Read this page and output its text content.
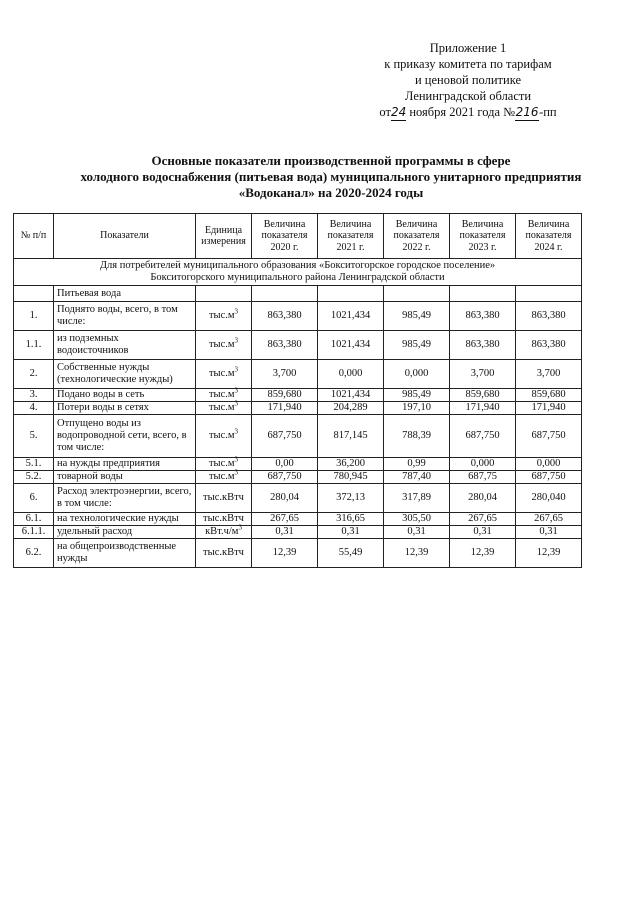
Приложение 1
к приказу комитета по тарифам
и ценовой политике
Ленинградской области
от24 ноября 2021 года №216-пп
Основные показатели производственной программы в сфере
холодного водоснабжения (питьевая вода) муниципального унитарного предприятия
«Водоканал» на 2020-2024 годы
№ п/п	Показатели	Единица измерения	Величина показателя 2020 г.	Величина показателя 2021 г.	Величина показателя 2022 г.	Величина показателя 2023 г.	Величина показателя 2024 г.

Для потребителей муниципального образования «Бокситогорское городское поселение»
Бокситогорского муниципального района Ленинградской области							

	Питьевая вода						
1.	Поднято воды, всего, в том числе:	$тыс.м^3$	863,380	1021,434	985,49	863,380	863,380
1.1.	из подземных водоисточников	$тыс.м^3$	863,380	1021,434	985,49	863,380	863,380
2.	Собственные нужды (технологические нужды)	$тыс.м^3$	3,700	0,000	0,000	3,700	3,700
3.	Подано воды в сеть	$тыс.м^3$	859,680	1021,434	985,49	859,680	859,680
4.	Потери воды в сетях	$тыс.м^3$	171,940	204,289	197,10	171,940	171,940
5.	Отпущено воды из водопроводной сети, всего, в том числе:	$тыс.м^3$	687,750	817,145	788,39	687,750	687,750
5.1.	на нужды предприятия	$тыс.м^3$	0,00	36,200	0,99	0,000	0,000
5.2.	товарной воды	$тыс.м^3$	687,750	780,945	787,40	687,75	687,750
6.	Расход электроэнергии, всего, в том числе:	тыс.кВтч	280,04	372,13	317,89	280,04	280,040
6.1.	на технологические нужды	тыс.кВтч	267,65	316,65	305,50	267,65	267,65
6.1.1.	удельный расход	$кВт.ч/м^3$	0,31	0,31	0,31	0,31	0,31
6.2.	на общепроизводственные нужды	тыс.кВтч	12,39	55,49	12,39	12,39	12,39
